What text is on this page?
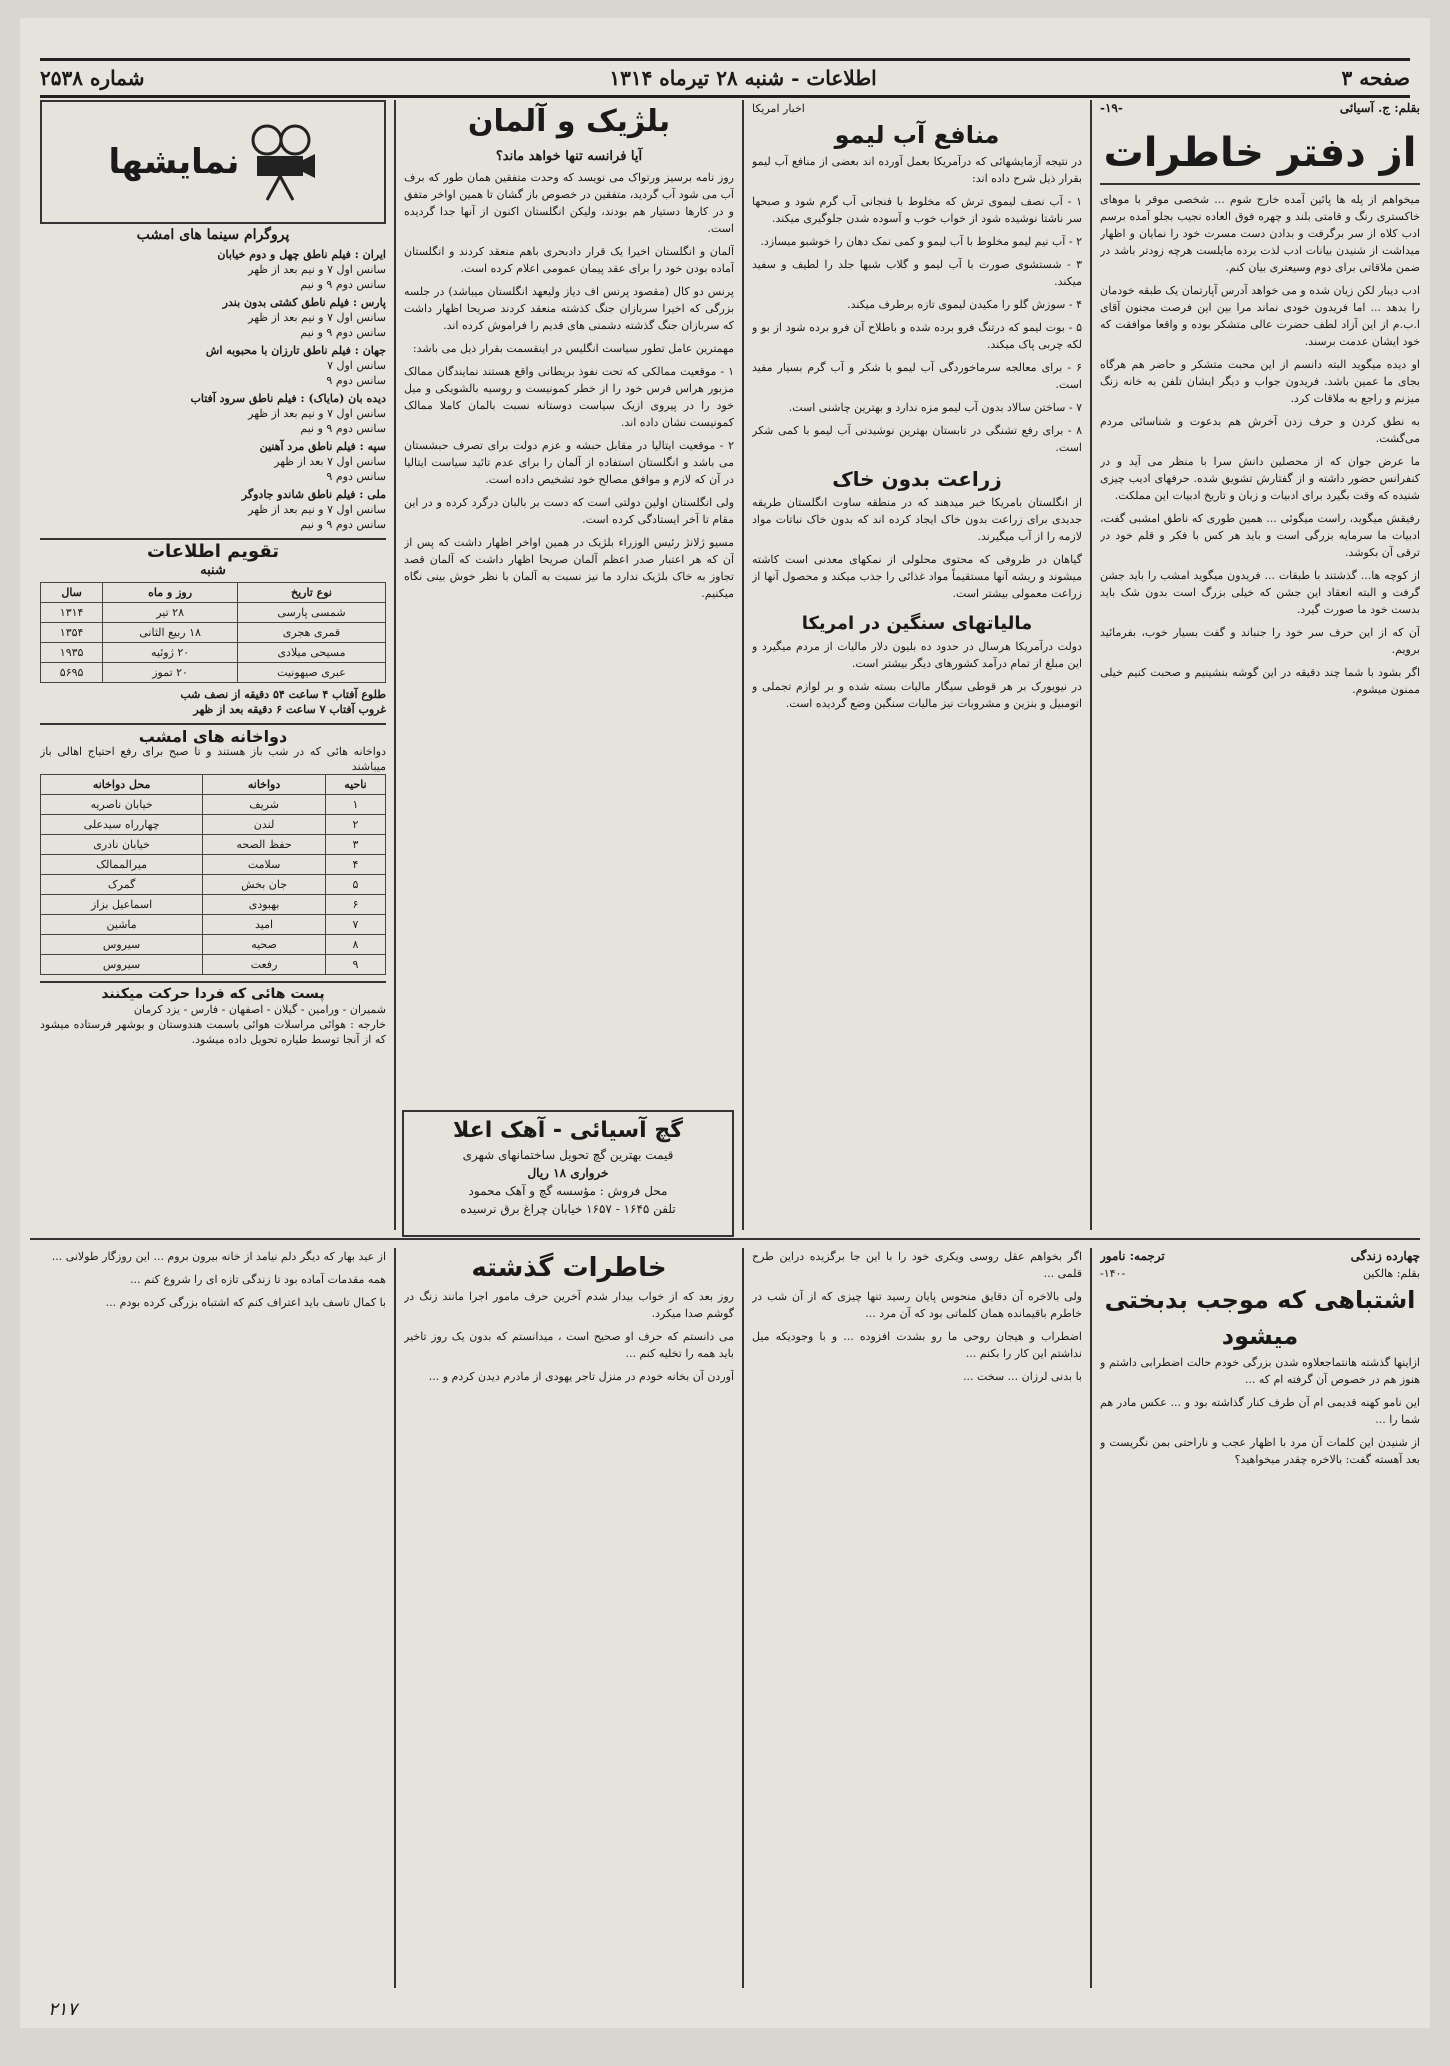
صفحه ۳
اطلاعات - شنبه ۲۸ تیرماه ۱۳۱۴
شماره ۲۵۳۸
بقلم: ج. آسیائی
-۱۹-
از دفتر خاطرات

میخواهم از پله ها پائین آمده خارج شوم ... شخصی موقر با موهای خاکستری رنگ و قامتی بلند و چهره فوق العاده نجیب بجلو آمده برسم ادب کلاه از سر برگرفت و بدادن دست مسرت خود را نمایان و اظهار میداشت از شنیدن بیانات ادب لذت برده مایلست هرچه زودتر باشد در ضمن ملاقاتی برای دوم وسیعتری بیان کنم.

ادب دیبار لکن زیان شده و می خواهد آدرس آپارتمان یک طبقه خودمان را بدهد ... اما فریدون خودی نماند مرا بین این فرصت مجنون آقای ا.ب.م از این آزاد لطف حضرت عالی متشکر بوده و واقعا موافقت که خود ایشان عدمت برسند.

او دیده میگوید البته دانسم از این محبت متشکر و حاضر هم هرگاه بجای ما عمین باشد. فریدون جواب و دیگر ایشان تلفن به خانه زنگ میزنم و راجع به ملاقات کرد.

به نطق کردن و حرف زدن آخرش هم بدعوت و شناسائی مردم می‌گشت.

ما عرض جوان که از محصلین دانش سرا با منظر می آید و در کنفرانس حضور داشته و از گفتارش تشویق شده. حرفهای ادیب چیزی شنیده که وقت بگیرد برای ادبیات و زبان و تاریخ ادبیات این مملکت.

رفیقش میگوید، راست میگوئی ... همین طوری که ناطق امشبی گفت، ادبیات ما سرمایه بزرگی است و باید هر کس با فکر و قلم خود در ترقی آن بکوشد.

از کوچه ها... گذشتند با طبقات ... فریدون میگوید امشب را باید جشن گرفت و البته انعقاد این جشن که خیلی بزرگ است بدون شک باید بدست خود ما صورت گیرد.

آن که از این حرف سر خود را جنباند و گفت بسیار خوب، بفرمائید برویم.

اگر بشود با شما چند دقیقه در این گوشه بنشینیم و صحبت کنیم خیلی ممنون میشوم.

اخبار امریکا
منافع آب لیمو

در نتیجه آزمایشهائی که درآمریکا بعمل آورده اند بعضی از منافع آب لیمو بقرار ذیل شرح داده اند:

۱ - آب نصف لیموی ترش که مخلوط با فنجانی آب گرم شود و صبحها سر ناشتا نوشیده شود از خواب خوب و آسوده شدن جلوگیری میکند.

۲ - آب نیم لیمو مخلوط با آب لیمو و کمی نمک دهان را خوشبو میسازد.

۳ - شستشوی صورت با آب لیمو و گلاب شبها جلد را لطیف و سفید میکند.

۴ - سوزش گلو را مکیدن لیموی تازه برطرف میکند.

۵ - بوت لیمو که درتنگ فرو برده شده و باطلاح آن فرو برده شود از بو و لکه چربی پاک میکند.

۶ - برای معالجه سرماخوردگی آب لیمو با شکر و آب گرم بسیار مفید است.

۷ - ساختن سالاد بدون آب لیمو مزه ندارد و بهترین چاشنی است.

۸ - برای رفع تشنگی در تابستان بهترین نوشیدنی آب لیمو با کمی شکر است.

زراعت بدون خاک

از انگلستان بامریکا خبر میدهند که در منطقه ساوت انگلستان طریقه جدیدی برای زراعت بدون خاک ایجاد کرده اند که بدون خاک نباتات مواد لازمه را از آب میگیرند.

گیاهان در ظروفی که محتوی محلولی از نمکهای معدنی است کاشته میشوند و ریشه آنها مستقیماً مواد غذائی را جذب میکند و محصول آنها از زراعت معمولی بیشتر است.

مالیاتهای سنگین در امریکا

دولت درآمریکا هرسال در حدود ده بلیون دلار مالیات از مردم میگیرد و این مبلغ از تمام درآمد کشورهای دیگر بیشتر است.

در نیویورک بر هر قوطی سیگار مالیات بسته شده و بر لوازم تجملی و اتومبیل و بنزین و مشروبات نیز مالیات سنگین وضع گردیده است.

بلژیک و آلمان
آیا فرانسه تنها خواهد ماند؟

روز نامه برسیز ورتواک می نویسد که وحدت متفقین همان طور که برف آب می شود آب گردید، متفقین در خصوص باز گشان تا همین اواخر متفق و در کارها دستیار هم بودند، ولیکن انگلستان اکنون از آنها جدا گردیده است.

آلمان و انگلستان اخیرا یک قرار دادبحری باهم منعقد کردند و انگلستان آماده بودن خود را برای عقد پیمان عمومی اعلام کرده است.

پرنس دو کال (مقصود پرنس اف دیاز ولیعهد انگلستان میباشد) در جلسه بزرگی که اخیرا سربازان جنگ کذشته منعقد کردند صریحا اظهار داشت که سربازان جنگ گذشته دشمنی های قدیم را فراموش کرده اند.

مهمترین عامل تطور سیاست انگلیس در اینقسمت بقرار ذیل می باشد:

۱ - موقعیت ممالکی که تحت نفوذ بریطانی واقع هستند نمایندگان ممالک مزبور هراس فرس خود را از خطر کمونیست و روسیه بالشویکی و میل خود را در پیروی ازیک سیاست دوستانه نسبت بالمان کاملا ممالک کمونیست نشان داده اند.

۲ - موقعیت ایتالیا در مقابل حبشه و عزم دولت برای تصرف حبشستان می باشد و انگلستان استفاده از آلمان را برای عدم تائید سیاست ایتالیا در آن که لازم و موافق مصالح خود تشخیص داده است.

ولی انگلستان اولین دولتی است که دست بر بالبان درگرد کرده و در این مقام تا آخر ایستادگی کرده است.

مسیو ژلانژ رئیس الوزراء بلژیک در همین اواخر اظهار داشت که پس از آن که هر اعتبار صدر اعظم آلمان صریحا اظهار داشت که آلمان قصد تجاوز به خاک بلژیک ندارد ما نیز نسبت به آلمان با نظر خوش بینی نگاه میکنیم.

گچ آسیائی - آهک اعلا
قیمت بهترین گچ تحویل ساختمانهای شهری
خرواری ۱۸ ریال
محل فروش : مؤسسه گچ و آهک محمود
تلفن ۱۶۴۵ - ۱۶۵۷ خیابان چراغ برق نرسیده
نمایشها
پروگرام سینما های امشب
ایران : فیلم ناطق چهل و دوم خیابان
سانس اول ۷ و نیم بعد از ظهر
سانس دوم ۹ و نیم
پارس : فیلم ناطق کشتی بدون بندر
سانس اول ۷ و نیم بعد از ظهر
سانس دوم ۹ و نیم
جهان : فیلم ناطق تارزان با محبوبه اش
سانس اول ۷
سانس دوم ۹
دیده بان (مایاک) : فیلم ناطق سرود آفتاب
سانس اول ۷ و نیم بعد از ظهر
سانس دوم ۹ و نیم
سپه : فیلم ناطق مرد آهنین
سانس اول ۷ بعد از ظهر
سانس دوم ۹
ملی : فیلم ناطق شاندو جادوگر
سانس اول ۷ و نیم بعد از ظهر
سانس دوم ۹ و نیم
تقویم اطلاعات
شنبه
نوع تاریخ	روز و ماه	سال
شمسی پارسی	۲۸ تیر	۱۳۱۴
قمری هجری	۱۸ ربیع الثانی	۱۳۵۴
مسیحی میلادی	۲۰ ژوئیه	۱۹۳۵
عبری صیهونیت	۲۰ تموز	۵۶۹۵
طلوع آفتاب ۴ ساعت ۵۴ دقیقه از نصف شب
غروب آفتاب ۷ ساعت ۶ دقیقه بعد از ظهر
دواخانه های امشب
دواخانه هائی که در شب باز هستند و تا صبح برای رفع احتیاج اهالی باز میباشند
ناحیه	دواخانه	محل دواخانه
۱	شریف	خیابان ناصریه
۲	لندن	چهارراه سیدعلی
۳	حفظ الصحه	خیابان نادری
۴	سلامت	میرالممالک
۵	جان بخش	گمرک
۶	بهبودی	اسماعیل بزاز
۷	امید	ماشین
۸	صحیه	سیروس
۹	رفعت	سیروس
پست هائی که فردا حرکت میکنند
شمیران - ورامین - گیلان - اصفهان - فارس - یزد کرمان
خارجه : هوائی مراسلات هوائی باسمت هندوستان و بوشهر فرستاده میشود که از آنجا توسط طیاره تحویل داده میشود.
چهارده زندگی
ترجمه: نامور
بقلم: هالکین
-۱۴۰-
اشتباهی که موجب بدبختی میشود

ازاینها گذشته هانتماجعلاوه شدن بزرگی خودم حالت اضطرابی داشتم و هنوز هم در خصوص آن گرفته ام که ...

این نامو کهنه قدیمی ام آن طرف کنار گذاشته بود و ... عکس مادر هم شما را ...

از شنیدن این کلمات آن مرد با اظهار عجب و ناراحتی بمن نگریست و بعد آهسته گفت: بالاخره چقدر میخواهید؟

اگر بخواهم عقل روسی ویکری خود را با این جا برگزیده دراین طرح قلمی ...

ولی بالاخره آن دقایق منحوس پایان رسید تنها چیزی که از آن شب در خاطرم باقیمانده همان کلماتی بود که آن مرد ...

اضطراب و هیجان روحی ما رو بشدت افزوده ... و با وجودیکه میل نداشتم این کار را بکنم ...

با بدنی لرزان ... سخت ...

خاطرات گذشته

روز بعد که از خواب بیدار شدم آخرین حرف مامور اجرا مانند زنگ در گوشم صدا میکرد.

می دانستم که حرف او صحیح است ، میدانستم که بدون یک روز تاخیر باید همه را تخلیه کنم ...

آوردن آن بخانه خودم در منزل تاجر یهودی از مادرم دیدن کردم و ...

از عید بهار که دیگر دلم نیامد از خانه بیرون بروم ... این روزگار طولانی ...

همه مقدمات آماده بود تا زندگی تازه ای را شروع کنم ...

با کمال تاسف باید اعتراف کنم که اشتباه بزرگی کرده بودم ...

۲۱۷
